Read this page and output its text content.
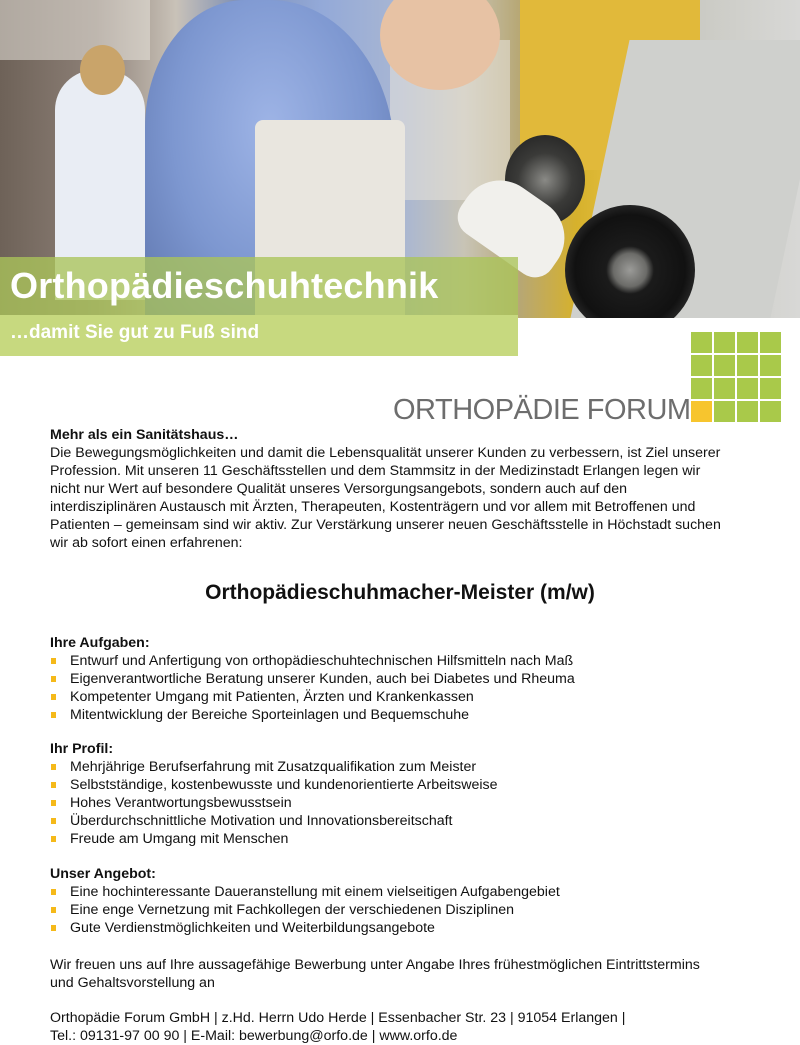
Orthopädieschuhtechnik
…damit Sie gut zu Fuß sind
ORTHOPÄDIE FORUM
Mehr als ein Sanitätshaus…
Die Bewegungsmöglichkeiten und damit die Lebensqualität unserer Kunden zu verbessern, ist Ziel unserer
Profession. Mit unseren 11 Geschäftsstellen und dem Stammsitz in der Medizinstadt Erlangen legen wir
nicht nur Wert auf besondere Qualität unseres Versorgungsangebots, sondern auch auf den
interdisziplinären Austausch mit Ärzten, Therapeuten, Kostenträgern und vor allem mit Betroffenen und
Patienten – gemeinsam sind wir aktiv. Zur Verstärkung unserer neuen Geschäftsstelle in Höchstadt suchen
wir ab sofort einen erfahrenen:
Orthopädieschuhmacher-Meister (m/w)
Ihre Aufgaben:
Entwurf und Anfertigung von orthopädieschuhtechnischen Hilfsmitteln nach Maß
Eigenverantwortliche Beratung unserer Kunden, auch bei Diabetes und Rheuma
Kompetenter Umgang mit Patienten, Ärzten und Krankenkassen
Mitentwicklung der Bereiche Sporteinlagen und Bequemschuhe
Ihr Profil:
Mehrjährige Berufserfahrung mit Zusatzqualifikation zum Meister
Selbstständige, kostenbewusste und kundenorientierte Arbeitsweise
Hohes Verantwortungsbewusstsein
Überdurchschnittliche Motivation und Innovationsbereitschaft
Freude am Umgang mit Menschen
Unser Angebot:
Eine hochinteressante Daueranstellung mit einem vielseitigen Aufgabengebiet
Eine enge Vernetzung mit Fachkollegen der verschiedenen Disziplinen
Gute Verdienstmöglichkeiten und Weiterbildungsangebote
Wir freuen uns auf Ihre aussagefähige Bewerbung unter Angabe Ihres frühestmöglichen Eintrittstermins
und Gehaltsvorstellung an
Orthopädie Forum GmbH | z.Hd. Herrn Udo Herde | Essenbacher Str. 23 | 91054 Erlangen |
Tel.: 09131-97 00 90 | E-Mail: bewerbung@orfo.de | www.orfo.de
